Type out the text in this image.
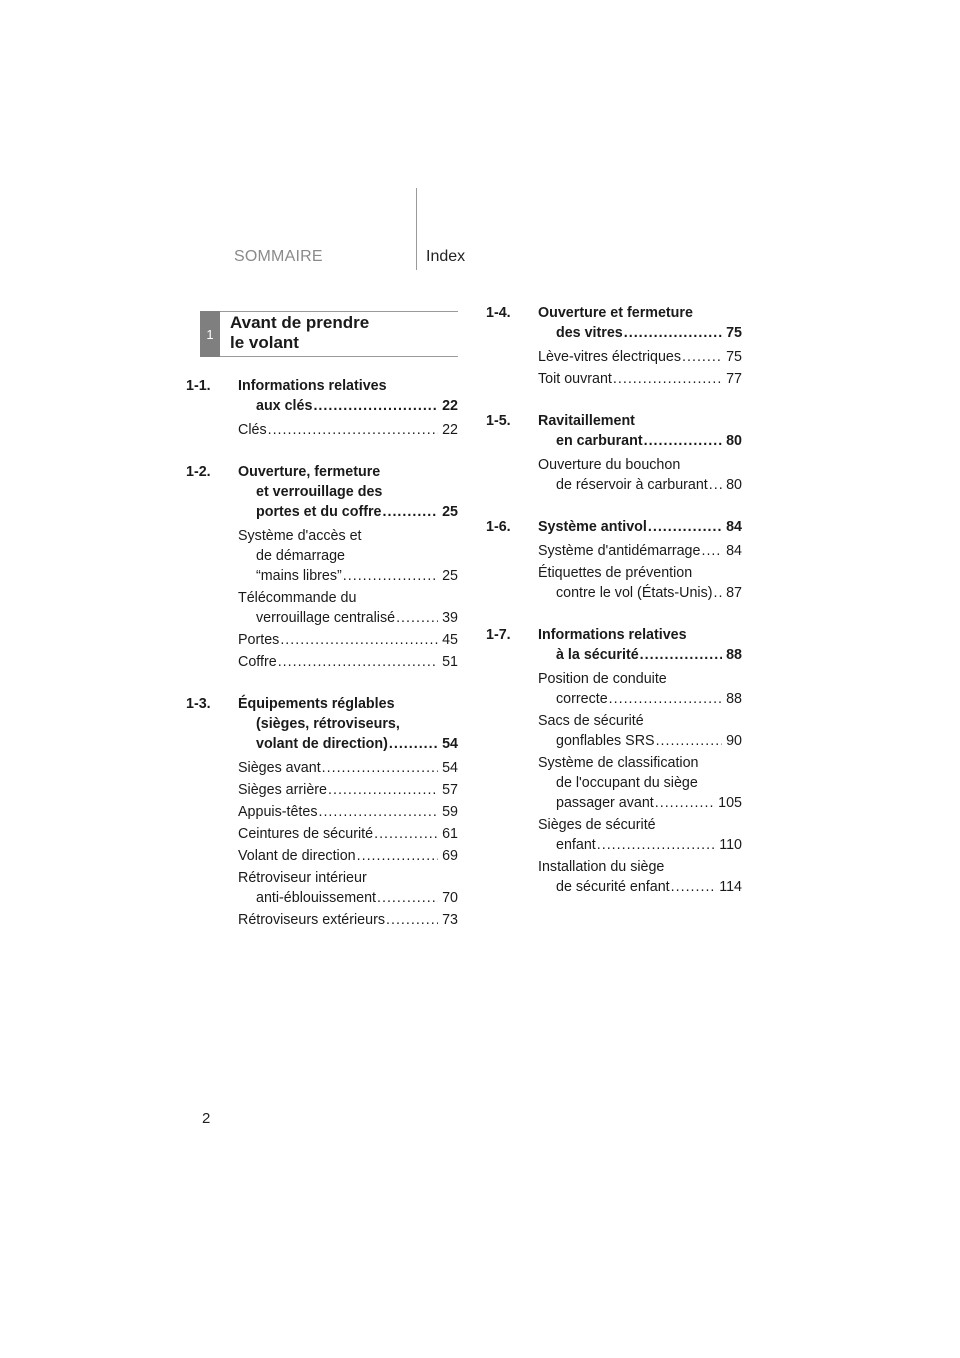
SOMMAIRE	Index
1
Avant de prendre
le volant
1-1. Informations relatives
aux clés .....	22
Clés .....	22
1-2. Ouverture, fermeture
et verrouillage des
portes et du coffre .....	25
Système d'accès et
de démarrage
“mains libres” .....	25
Télécommande du
verrouillage centralisé .....	39
Portes .....	45
Coffre .....	51
1-3. Équipements réglables
(sièges, rétroviseurs,
volant de direction) .....	54
Sièges avant .....	54
Sièges arrière .....	57
Appuis-têtes .....	59
Ceintures de sécurité .....	61
Volant de direction .....	69
Rétroviseur intérieur
anti-éblouissement .....	70
Rétroviseurs extérieurs .....	73
1-4. Ouverture et fermeture
des vitres .....	75
Lève-vitres électriques .....	75
Toit ouvrant .....	77
1-5. Ravitaillement
en carburant .....	80
Ouverture du bouchon
de réservoir à carburant ..... 80
1-6. Système antivol .....	84
Système d'antidémarrage ..... 84
Étiquettes de prévention
contre le vol (États-Unis) ..... 87
1-7. Informations relatives
à la sécurité .....	88
Position de conduite
correcte .....	88
Sacs de sécurité
gonflables SRS .....	90
Système de classification
de l'occupant du siège
passager avant .....	105
Sièges de sécurité
enfant .....	110
Installation du siège
de sécurité enfant .....	114
2
